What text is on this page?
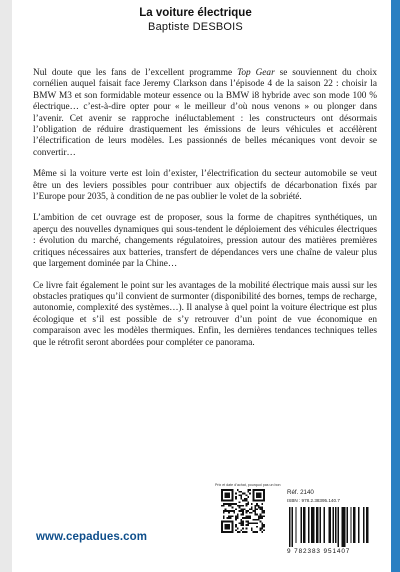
La voiture électrique
Baptiste DESBOIS

Nul doute que les fans de l’excellent programme Top Gear se souviennent du choix cornélien auquel faisait face Jeremy Clarkson dans l’épisode 4 de la saison 22 : choisir la BMW M3 et son formidable moteur essence ou la BMW i8 hybride avec son mode 100 % électrique… c’est-à-dire opter pour « le meilleur d’où nous venons » ou plonger dans l’avenir. Cet avenir se rapproche inéluctablement : les constructeurs ont désormais l’obligation de réduire drastiquement les émissions de leurs véhicules et accélèrent l’électrification de leurs modèles. Les passionnés de belles mécaniques vont devoir se convertir…

Même si la voiture verte est loin d’exister, l’électrification du secteur automobile se veut être un des leviers possibles pour contribuer aux objectifs de décarbonation fixés par l’Europe pour 2035, à condition de ne pas oublier le volet de la sobriété.

L’ambition de cet ouvrage est de proposer, sous la forme de chapitres synthétiques, un aperçu des nouvelles dynamiques qui sous-tendent le déploiement des véhicules électriques : évolution du marché, changements régulatoires, pression autour des matières premières critiques nécessaires aux batteries, transfert de dépendances vers une chaîne de valeur plus que largement dominée par la Chine…

Ce livre fait également le point sur les avantages de la mobilité électrique mais aussi sur les obstacles pratiques qu’il convient de surmonter (disponibilité des bornes, temps de recharge, autonomie, complexité des systèmes…). Il analyse à quel point la voiture électrique est plus écologique et s’il est possible de s’y retrouver d’un point de vue économique en comparaison avec les modèles thermiques. Enfin, les dernières tendances techniques telles que le rétrofit seront abordées pour compléter ce panorama.

www.cepadues.com
Prix et date d’achat, pourquoi pas un bon
Réf. 2140
ISBN : 978.2.38395.140.7
9 782383 951407
